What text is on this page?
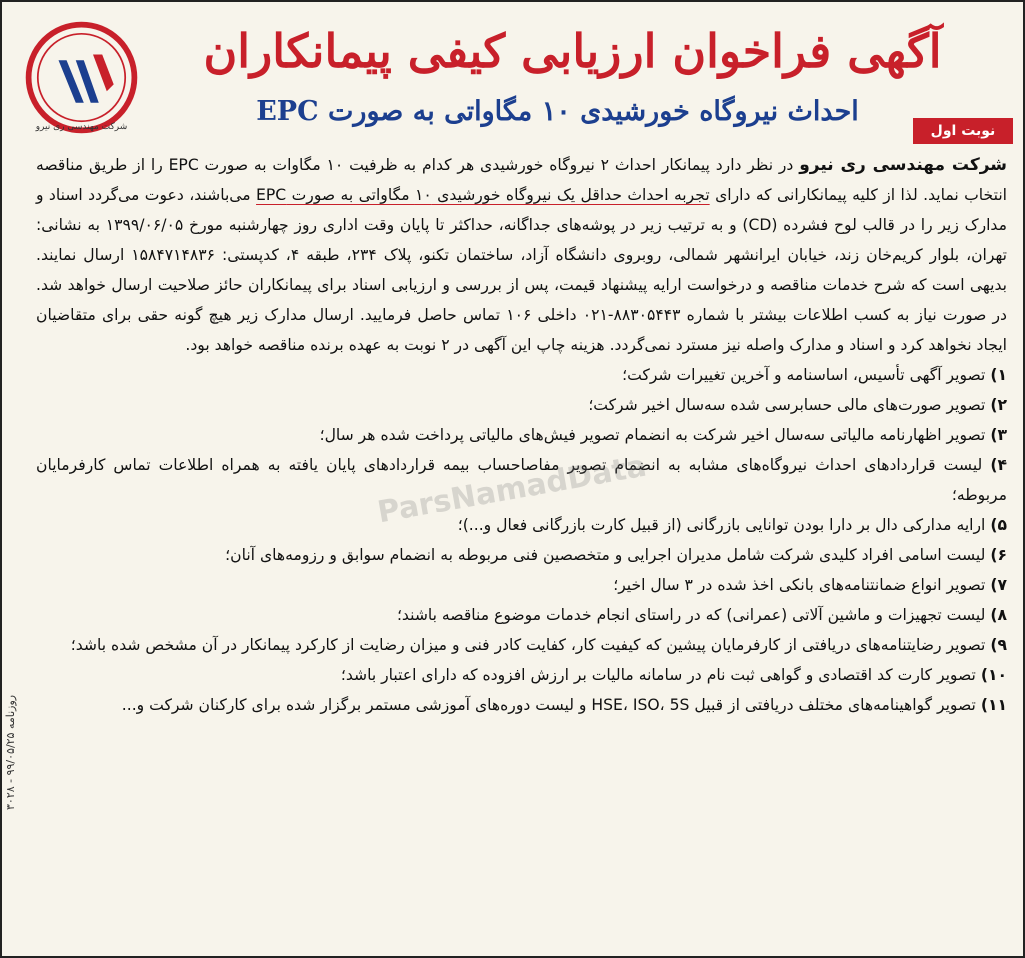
شرکت مهندسی ری نیرو
آگهی فراخوان ارزیابی کیفی پیمانکاران
احداث نیروگاه خورشیدی ۱۰ مگاواتی به صورت EPC
نوبت اول
روزنامه ۹۹/۰۵/۲۵ - ۳۰۲۸

شرکت مهندسی ری نیرو در نظر دارد پیمانکار احداث ۲ نیروگاه خورشیدی هر کدام به ظرفیت ۱۰ مگاوات به صورت EPC را از طریق مناقصه انتخاب نماید. لذا از کلیه پیمانکارانی که دارای تجربه احداث حداقل یک نیروگاه خورشیدی ۱۰ مگاواتی به صورت EPC می‌باشند، دعوت می‌گردد اسناد و مدارک زیر را در قالب لوح فشرده (CD) و به ترتیب زیر در پوشه‌های جداگانه، حداکثر تا پایان وقت اداری روز چهارشنبه مورخ ۱۳۹۹/۰۶/۰۵ به نشانی: تهران، بلوار کریم‌خان زند، خیابان ایرانشهر شمالی، روبروی دانشگاه آزاد، ساختمان تکنو، پلاک ۲۳۴، طبقه ۴، کدپستی: ۱۵۸۴۷۱۴۸۳۶ ارسال نمایند. بدیهی است که شرح خدمات مناقصه و درخواست ارایه پیشنهاد قیمت، پس از بررسی و ارزیابی اسناد برای پیمانکاران حائز صلاحیت ارسال خواهد شد. در صورت نیاز به کسب اطلاعات بیشتر با شماره ۸۸۳۰۵۴۴۳-۰۲۱ داخلی ۱۰۶ تماس حاصل فرمایید. ارسال مدارک زیر هیچ گونه حقی برای متقاضیان ایجاد نخواهد کرد و اسناد و مدارک واصله نیز مسترد نمی‌گردد. هزینه چاپ این آگهی در ۲ نوبت به عهده برنده مناقصه خواهد بود.

۱) تصویر آگهی تأسیس، اساسنامه و آخرین تغییرات شرکت؛
۲) تصویر صورت‌های مالی حسابرسی شده سه‌سال اخیر شرکت؛
۳) تصویر اظهارنامه مالیاتی سه‌سال اخیر شرکت به انضمام تصویر فیش‌های مالیاتی پرداخت شده هر سال؛
۴) لیست قراردادهای احداث نیروگاه‌های مشابه به انضمام تصویر مفاصاحساب بیمه قراردادهای پایان یافته به همراه اطلاعات تماس کارفرمایان مربوطه؛
۵) ارایه مدارکی دال بر دارا بودن توانایی بازرگانی (از قبیل کارت بازرگانی فعال و...)؛
۶) لیست اسامی افراد کلیدی شرکت شامل مدیران اجرایی و متخصصین فنی مربوطه به انضمام سوابق و رزومه‌های آنان؛
۷) تصویر انواع ضمانتنامه‌های بانکی اخذ شده در ۳ سال اخیر؛
۸) لیست تجهیزات و ماشین آلاتی (عمرانی) که در راستای انجام خدمات موضوع مناقصه باشند؛
۹) تصویر رضایتنامه‌های دریافتی از کارفرمایان پیشین که کیفیت کار، کفایت کادر فنی و میزان رضایت از کارکرد پیمانکار در آن مشخص شده باشد؛
۱۰) تصویر کارت کد اقتصادی و گواهی ثبت نام در سامانه مالیات بر ارزش افزوده که دارای اعتبار باشد؛
۱۱) تصویر گواهینامه‌های مختلف دریافتی از قبیل HSE، ISO، 5S و لیست دوره‌های آموزشی مستمر برگزار شده برای کارکنان شرکت و...
ParsNamadData
